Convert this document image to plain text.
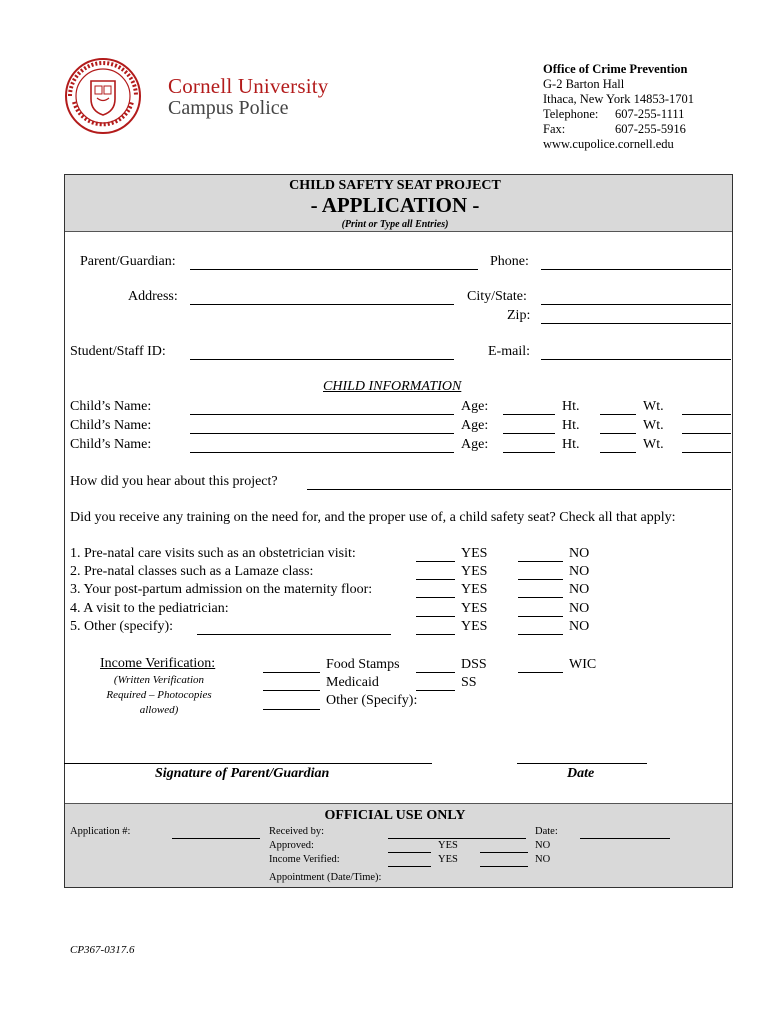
Cornell University
Campus Police
Office of Crime Prevention
G-2 Barton Hall
Ithaca, New York 14853-1701
Telephone: 607-255-1111
Fax:	607-255-5916
www.cupolice.cornell.edu
CHILD SAFETY SEAT PROJECT
- APPLICATION -
(Print or Type all Entries)
Parent/Guardian:	Phone:
Address:	City/State:
Zip:
Student/Staff ID:	E-mail:
CHILD INFORMATION
Child’s Name:	Age:	Ht.	Wt.
Child’s Name:	Age:	Ht.	Wt.
Child’s Name:	Age:	Ht.	Wt.
How did you hear about this project?
Did you receive any training on the need for, and the proper use of, a child safety seat? Check all that apply:
1. Pre-natal care visits such as an obstetrician visit:	YES	NO
2. Pre-natal classes such as a Lamaze class:	YES	NO
3. Your post-partum admission on the maternity floor:	YES	NO
4. A visit to the pediatrician:	YES	NO
5. Other (specify):	YES	NO
Income Verification:
(Written Verification
Required – Photocopies
allowed)
Food Stamps	DSS	WIC
Medicaid	SS
Other (Specify):
Signature of Parent/Guardian	Date
OFFICIAL USE ONLY
Application #:	Received by:	Date:
Approved:	YES	NO
Income Verified:	YES	NO
Appointment (Date/Time):
CP367-0317.6
